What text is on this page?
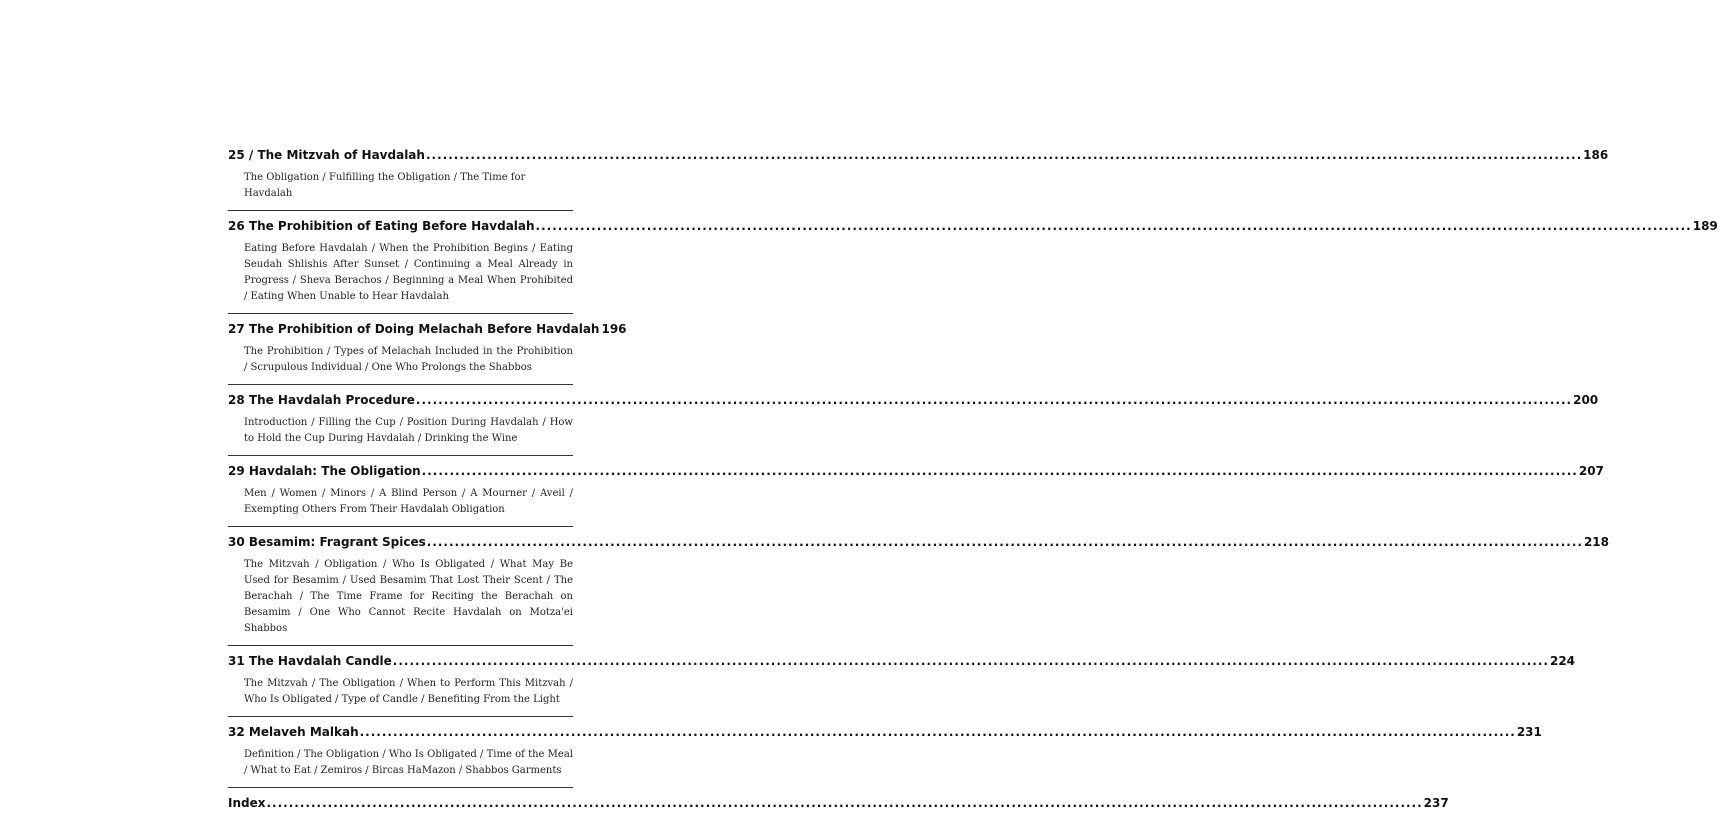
25 / The Mitzvah of Havdalah .....	186
The Obligation / Fulfilling the Obligation / The Time for Havdalah
26 The Prohibition of Eating Before Havdalah .....	189
Eating Before Havdalah / When the Prohibition Begins / Eating Seudah Shlishis After Sunset / Continuing a Meal Already in Progress / Sheva Berachos / Beginning a Meal When Prohibited / Eating When Unable to Hear Havdalah
27 The Prohibition of Doing Melachah Before Havdalah 196
The Prohibition / Types of Melachah Included in the Prohibition / Scrupulous Individual / One Who Prolongs the Shabbos
28 The Havdalah Procedure .....	200
Introduction / Filling the Cup / Position During Havdalah / How to Hold the Cup During Havdalah / Drinking the Wine
29 Havdalah: The Obligation .....	207
Men / Women / Minors / A Blind Person / A Mourner / Aveil / Exempting Others From Their Havdalah Obligation
30 Besamim: Fragrant Spices .....	218
The Mitzvah / Obligation / Who Is Obligated / What May Be Used for Besamim / Used Besamim That Lost Their Scent / The Berachah / The Time Frame for Reciting the Berachah on Besamim / One Who Cannot Recite Havdalah on Motza'ei Shabbos
31 The Havdalah Candle .....	224
The Mitzvah / The Obligation / When to Perform This Mitzvah / Who Is Obligated / Type of Candle / Benefiting From the Light
32 Melaveh Malkah .....	231
Definition / The Obligation / Who Is Obligated / Time of the Meal / What to Eat / Zemiros / Bircas HaMazon / Shabbos Garments
Index .....	237
